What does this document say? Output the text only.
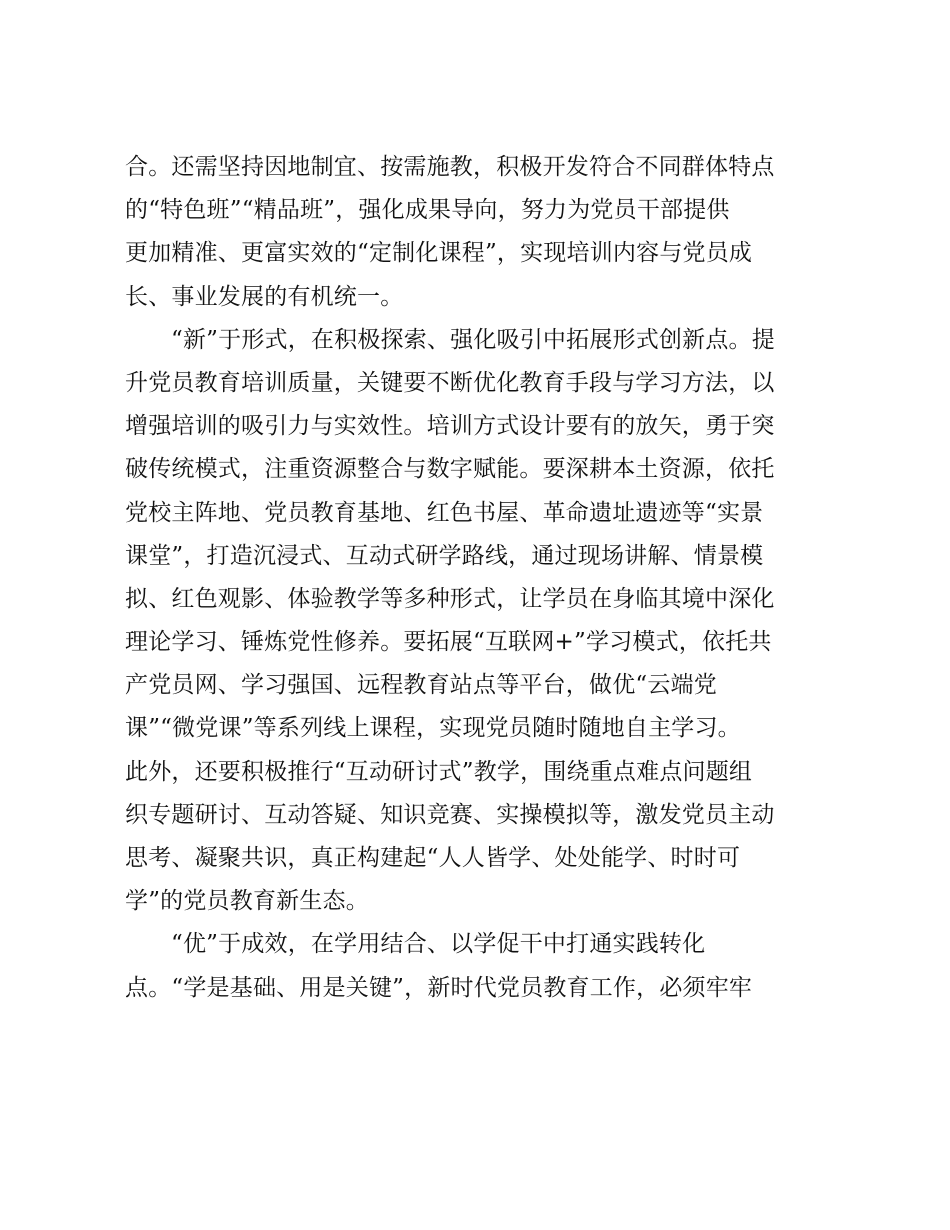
合。还需坚持因地制宜、按需施教，积极开发符合不同群体特点
的“特色班”“精品班”，强化成果导向，努力为党员干部提供
更加精准、更富实效的“定制化课程”，实现培训内容与党员成
长、事业发展的有机统一。
“新”于形式，在积极探索、强化吸引中拓展形式创新点。提
升党员教育培训质量，关键要不断优化教育手段与学习方法，以
增强培训的吸引力与实效性。培训方式设计要有的放矢，勇于突
破传统模式，注重资源整合与数字赋能。要深耕本土资源，依托
党校主阵地、党员教育基地、红色书屋、革命遗址遗迹等“实景
课堂”，打造沉浸式、互动式研学路线，通过现场讲解、情景模
拟、红色观影、体验教学等多种形式，让学员在身临其境中深化
理论学习、锤炼党性修养。要拓展“互联网+”学习模式，依托共
产党员网、学习强国、远程教育站点等平台，做优“云端党
课”“微党课”等系列线上课程，实现党员随时随地自主学习。
此外，还要积极推行“互动研讨式”教学，围绕重点难点问题组
织专题研讨、互动答疑、知识竞赛、实操模拟等，激发党员主动
思考、凝聚共识，真正构建起“人人皆学、处处能学、时时可
学”的党员教育新生态。
“优”于成效，在学用结合、以学促干中打通实践转化
点。“学是基础、用是关键”，新时代党员教育工作，必须牢牢
